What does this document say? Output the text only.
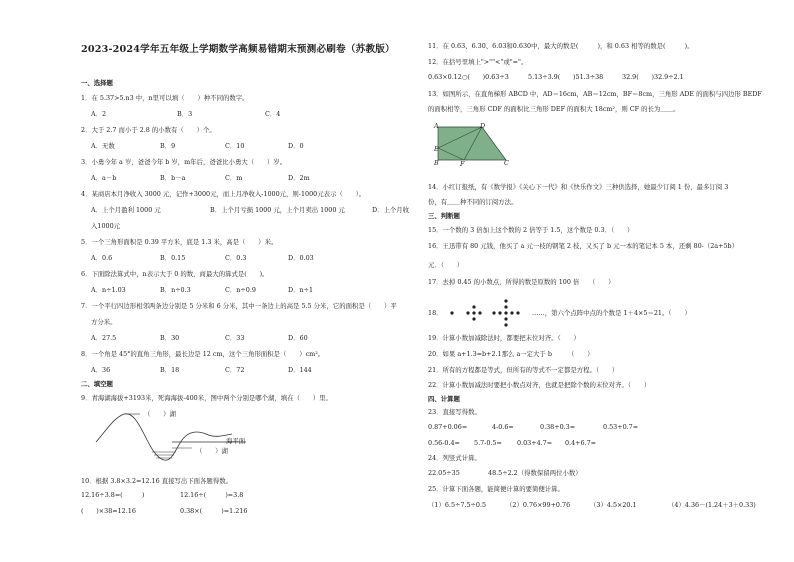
2023-2024学年五年级上学期数学高频易错期末预测必刷卷（苏教版）
一、选择题
1．在 5.37>5.n3 中，n里可以填（　　）种不同的数字。
A．2	B．3	C．4
2．大于 2.7 而小于 2.8 的小数有（　　）个。
A．无数	B．9	C．10	D．0
3．小勇今年 a 岁，爸爸今年 b 岁，m年后，爸爸比小勇大（　　）岁。
A．a－b	B．b－a	C．m	D．2m
4．某商店本月净收入 3000 元，记作+3000元，而上月净收入-1000元，则-1000元表示（　　）。
A．上个月盈利 1000 元	B．上个月亏损 1000 元，上个月卖出 1000 元	D．上个月收
入1000元
5．一个三角形面积是 0.39 平方米，底是 1.3 米，高是（　　）米。
A．0.6	B．0.15	C．0.3	D．0.03
6．下面除法算式中，n表示大于 0 的数，商最大的算式是(　　)。
A．n÷1.03	B．n÷0.3	C．n÷0.9	D．n÷1
7．一个平行四边形相邻两条边分别是 5 分米和 6 分米，其中一条边上的高是 5.5 分米，它的面积是（　　）平
方分米。
A．27.5	B．30	C．33	D．60
8．一个角是 45°的直角三角形，最长边是 12 cm，这个三角形面积是（　　）cm²。
A．36	B．18	C．72	D．144
二、填空题
9．青海湖海拔+3193米，死海海拔-400米，图中两个分别是哪个湖，填在（　　）里。
（　　）湖
海平面
（　　）湖
10．根据 3.8×3.2=12.16 直接写出下面各题得数。
12.16÷3.8=(　　　)	12.16÷(　　　)=3.8
(　　)×38=12.16	0.38×(　　　)=1.216
11．在 0.63、6.30、6.03和0.630中，最大的数是(　　　)，和 0.63 相等的数是(　　　)。
12．在括号里填上">""<"或"="。
0.63×0.12○(　　)0.63÷3	5.13÷3.9(　　)51.3÷38	32.9(　　)32.9÷2.1
13．如图所示，在直角梯形 ABCD 中，AD＝16cm，AB＝12cm，BF＝8cm，三角形 ADE 的面积与四边形 BEDF
的面积相等，三角形 CDF 的面积比三角形 DEF 的面积大 18cm²，则 CF 的长为＿＿。
A	D
E
B	F	C
14．小红订报纸，有《数学报》《关心下一代》和《快乐作文》三种供选择，她最少订阅 1 份，最多订阅 3
份，有＿＿种不同的订阅方法。
三、判断题
15．一个数的 3 倍加上这个数的 2 倍等于 1.5，这个数是 0.3．（　　）
16．王迅带有 80 元钱，他买了 a 元一枝的钢笔 2 枝，又买了 b 元一本的笔记本 5 本，还剩 80-（2a+5b）
元．（　　）
17．去掉 0.45 的小数点，所得的数是原数的 100 倍　　（　　）
18．	……，第六个点阵中点的个数是 1＋4×5＝21。（　　）
19．计算小数加减除法时，都要把末位对齐。（　　）
20．如果 a+1.3=b+2.1那么 a一定大于 b　　　（　　）
21．所有的方程都是等式，但所有的等式不一定都是方程。（　　）
22．计算小数加减法时要把小数点对齐，也就是把除个数的末位对齐。（　　）
四、计算题
23．直接写得数。
0.87+0.06=	4-0.6=	0.38+0.3=	0.53+0.7=
0.56-0.4= 5.7-0.5= 0.03+4.7= 0.4+6.7=
24．列竖式计算。
22.05÷35	48.5÷2.2（得数保留两位小数）
25．计算下面各题，能简便计算的要简便计算。
（1）6.5÷7.5÷0.5	（2）0.76×99+0.76	（3）4.5×20.1	（4）4.36－(1.24＋3＋0.33)
